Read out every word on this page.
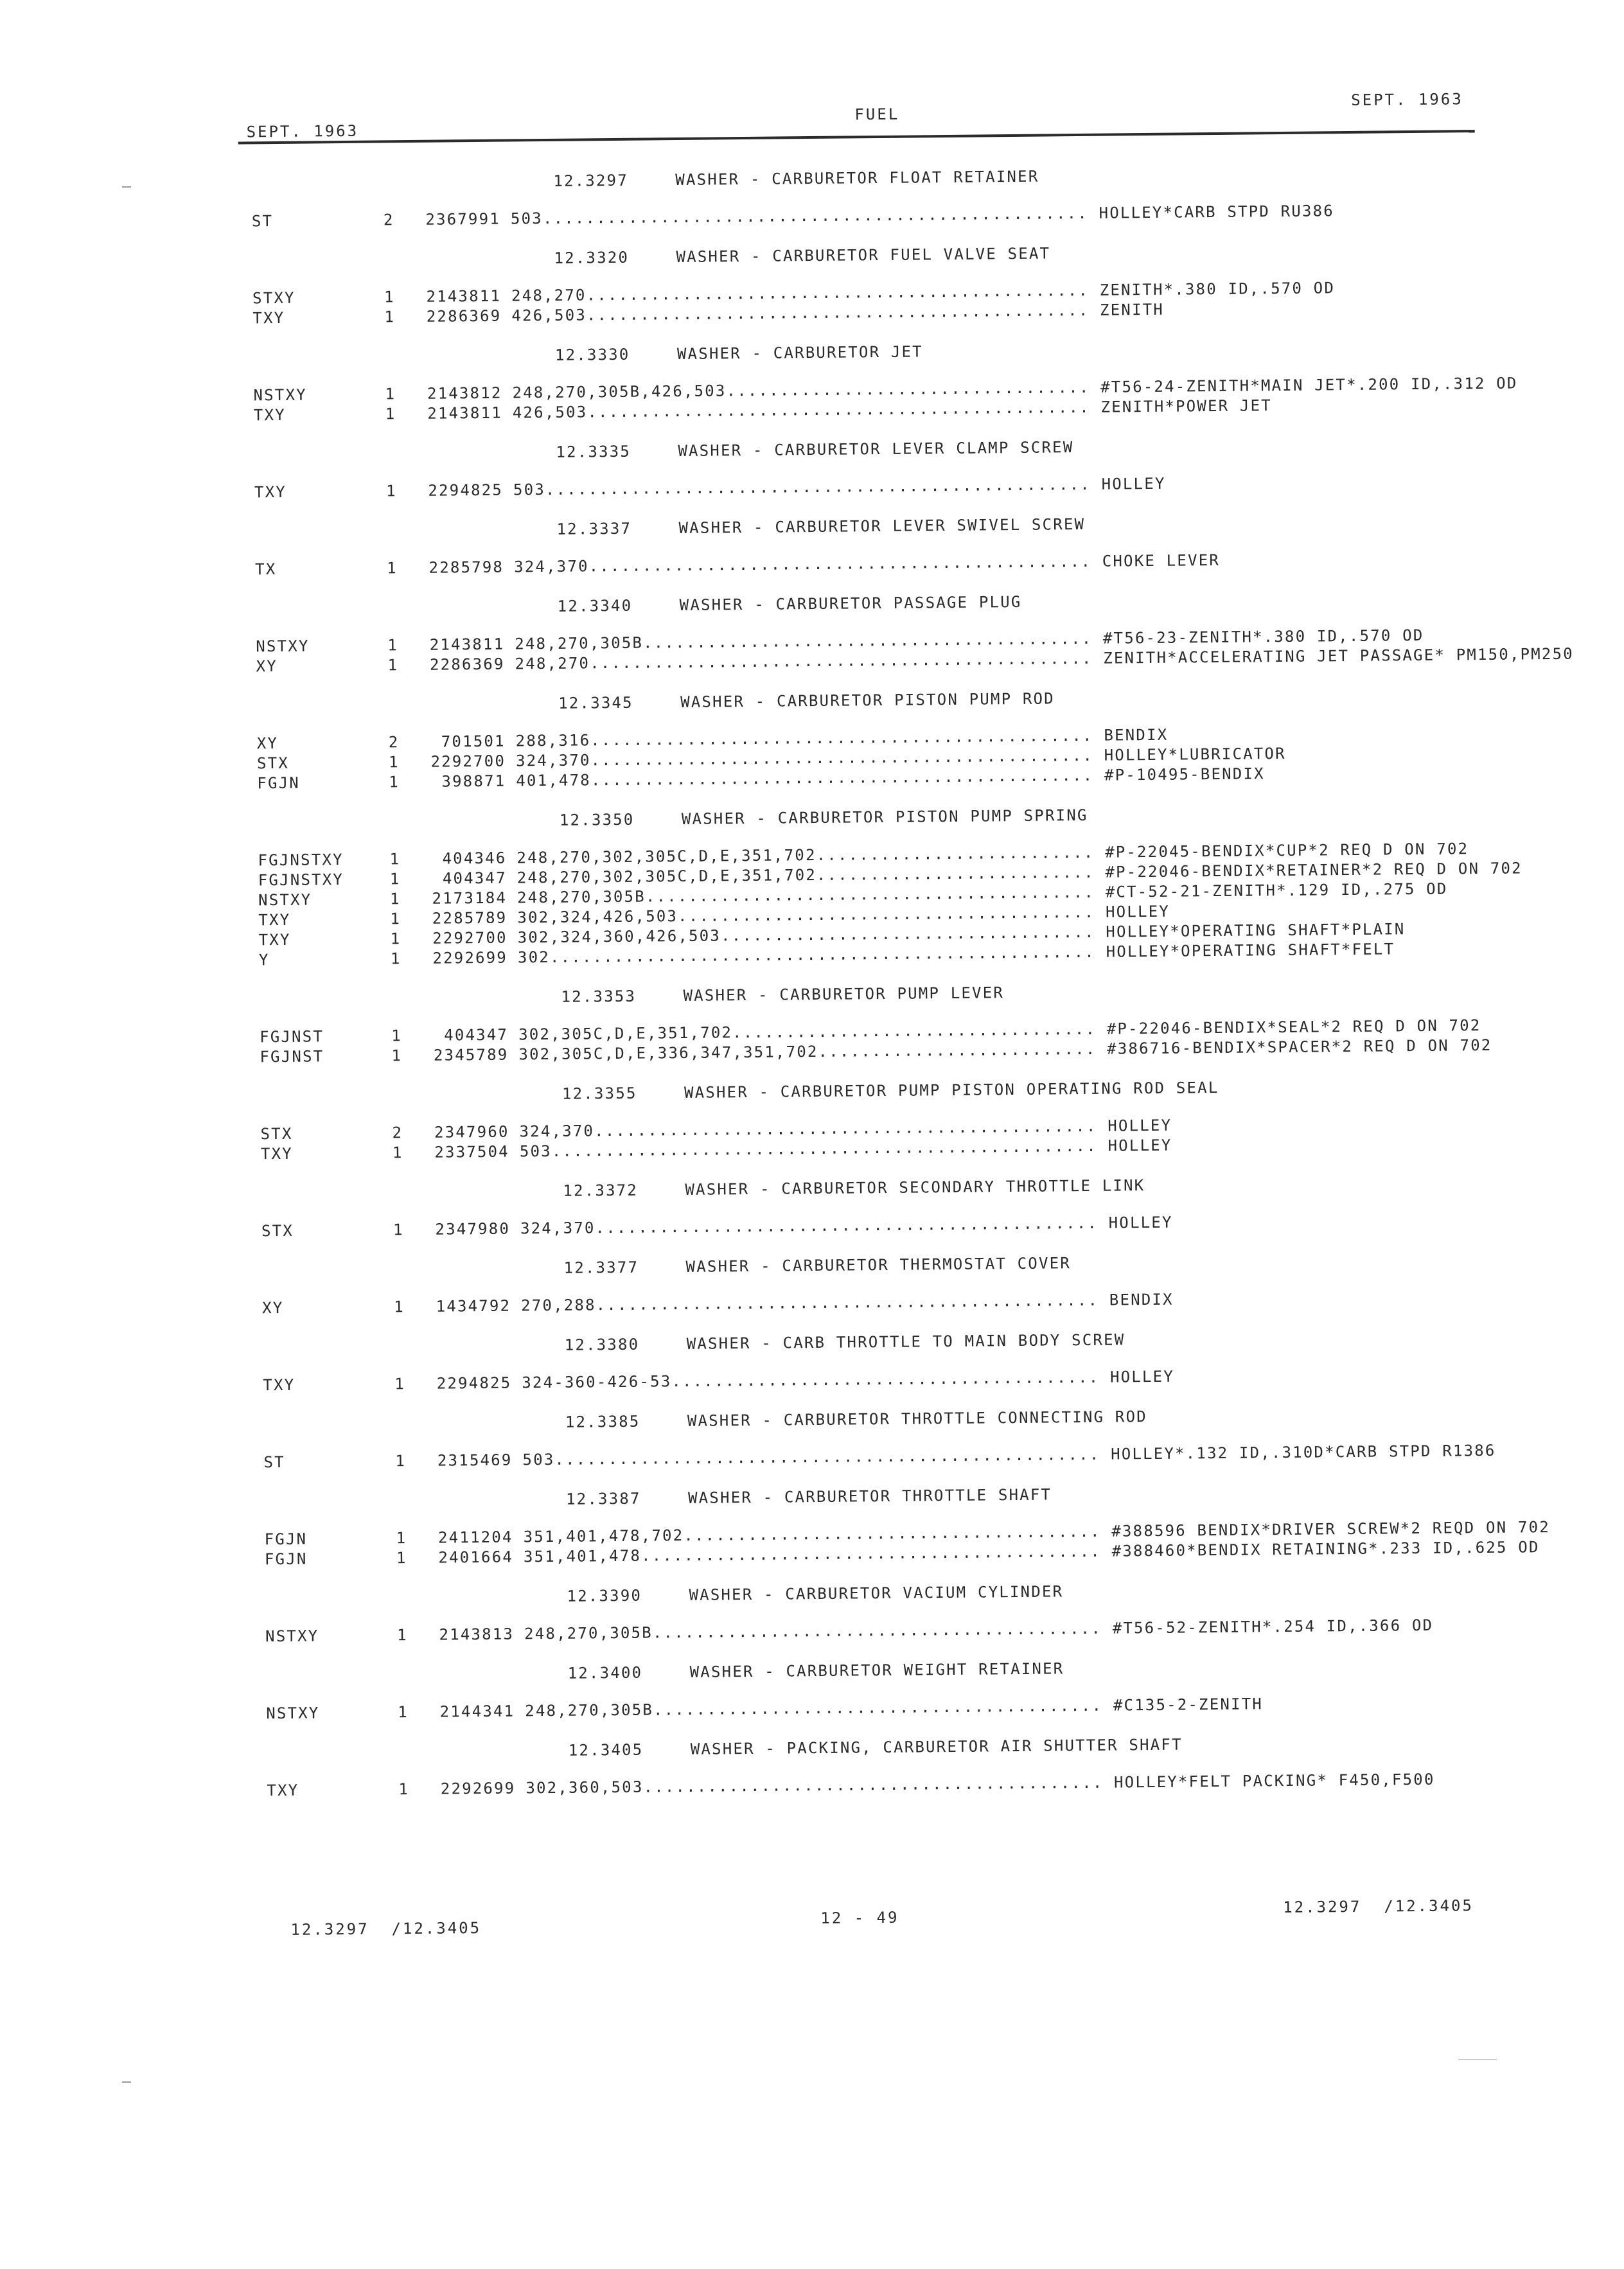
SEPT. 1963
FUEL
SEPT. 1963
12.3297	WASHER - CARBURETOR FLOAT RETAINER
ST	2 2367991 503................................................... HOLLEY*CARB STPD RU386
12.3320	WASHER - CARBURETOR FUEL VALVE SEAT
STXY	1 2143811 248,270............................................... ZENITH*.380 ID,.570 OD
TXY	1 2286369 426,503............................................... ZENITH
12.3330	WASHER - CARBURETOR JET
NSTXY	1 2143812 248,270,305B,426,503.................................. #T56-24-ZENITH*MAIN JET*.200 ID,.312 OD
TXY	1 2143811 426,503............................................... ZENITH*POWER JET
12.3335	WASHER - CARBURETOR LEVER CLAMP SCREW
TXY	1 2294825 503................................................... HOLLEY
12.3337	WASHER - CARBURETOR LEVER SWIVEL SCREW
TX	1 2285798 324,370............................................... CHOKE LEVER
12.3340	WASHER - CARBURETOR PASSAGE PLUG
NSTXY	1 2143811 248,270,305B.......................................... #T56-23-ZENITH*.380 ID,.570 OD
XY	1 2286369 248,270............................................... ZENITH*ACCELERATING JET PASSAGE* PM150,PM250
12.3345	WASHER - CARBURETOR PISTON PUMP ROD
XY	2	701501 288,316............................................... BENDIX
STX	1 2292700 324,370............................................... HOLLEY*LUBRICATOR
FGJN	1	398871 401,478............................................... #P-10495-BENDIX
12.3350	WASHER - CARBURETOR PISTON PUMP SPRING
FGJNSTXY	1	404346 248,270,302,305C,D,E,351,702.......................... #P-22045-BENDIX*CUP*2 REQ D ON 702
FGJNSTXY	1	404347 248,270,302,305C,D,E,351,702.......................... #P-22046-BENDIX*RETAINER*2 REQ D ON 702
NSTXY	1 2173184 248,270,305B.......................................... #CT-52-21-ZENITH*.129 ID,.275 OD
TXY	1 2285789 302,324,426,503....................................... HOLLEY
TXY	1 2292700 302,324,360,426,503................................... HOLLEY*OPERATING SHAFT*PLAIN
Y	1 2292699 302................................................... HOLLEY*OPERATING SHAFT*FELT
12.3353	WASHER - CARBURETOR PUMP LEVER
FGJNST	1	404347 302,305C,D,E,351,702.................................. #P-22046-BENDIX*SEAL*2 REQ D ON 702
FGJNST	1 2345789 302,305C,D,E,336,347,351,702.......................... #386716-BENDIX*SPACER*2 REQ D ON 702
12.3355	WASHER - CARBURETOR PUMP PISTON OPERATING ROD SEAL
STX	2 2347960 324,370............................................... HOLLEY
TXY	1 2337504 503................................................... HOLLEY
12.3372	WASHER - CARBURETOR SECONDARY THROTTLE LINK
STX	1 2347980 324,370............................................... HOLLEY
12.3377	WASHER - CARBURETOR THERMOSTAT COVER
XY	1 1434792 270,288............................................... BENDIX
12.3380	WASHER - CARB THROTTLE TO MAIN BODY SCREW
TXY	1 2294825 324-360-426-53........................................ HOLLEY
12.3385	WASHER - CARBURETOR THROTTLE CONNECTING ROD
ST	1 2315469 503................................................... HOLLEY*.132 ID,.310D*CARB STPD R1386
12.3387	WASHER - CARBURETOR THROTTLE SHAFT
FGJN	1 2411204 351,401,478,702....................................... #388596 BENDIX*DRIVER SCREW*2 REQD ON 702
FGJN	1 2401664 351,401,478........................................... #388460*BENDIX RETAINING*.233 ID,.625 OD
12.3390	WASHER - CARBURETOR VACIUM CYLINDER
NSTXY	1 2143813 248,270,305B.......................................... #T56-52-ZENITH*.254 ID,.366 OD
12.3400	WASHER - CARBURETOR WEIGHT RETAINER
NSTXY	1 2144341 248,270,305B.......................................... #C135-2-ZENITH
12.3405	WASHER - PACKING, CARBURETOR AIR SHUTTER SHAFT
TXY	1 2292699 302,360,503........................................... HOLLEY*FELT PACKING* F450,F500
12.3297  /12.3405
12 - 49
12.3297  /12.3405
